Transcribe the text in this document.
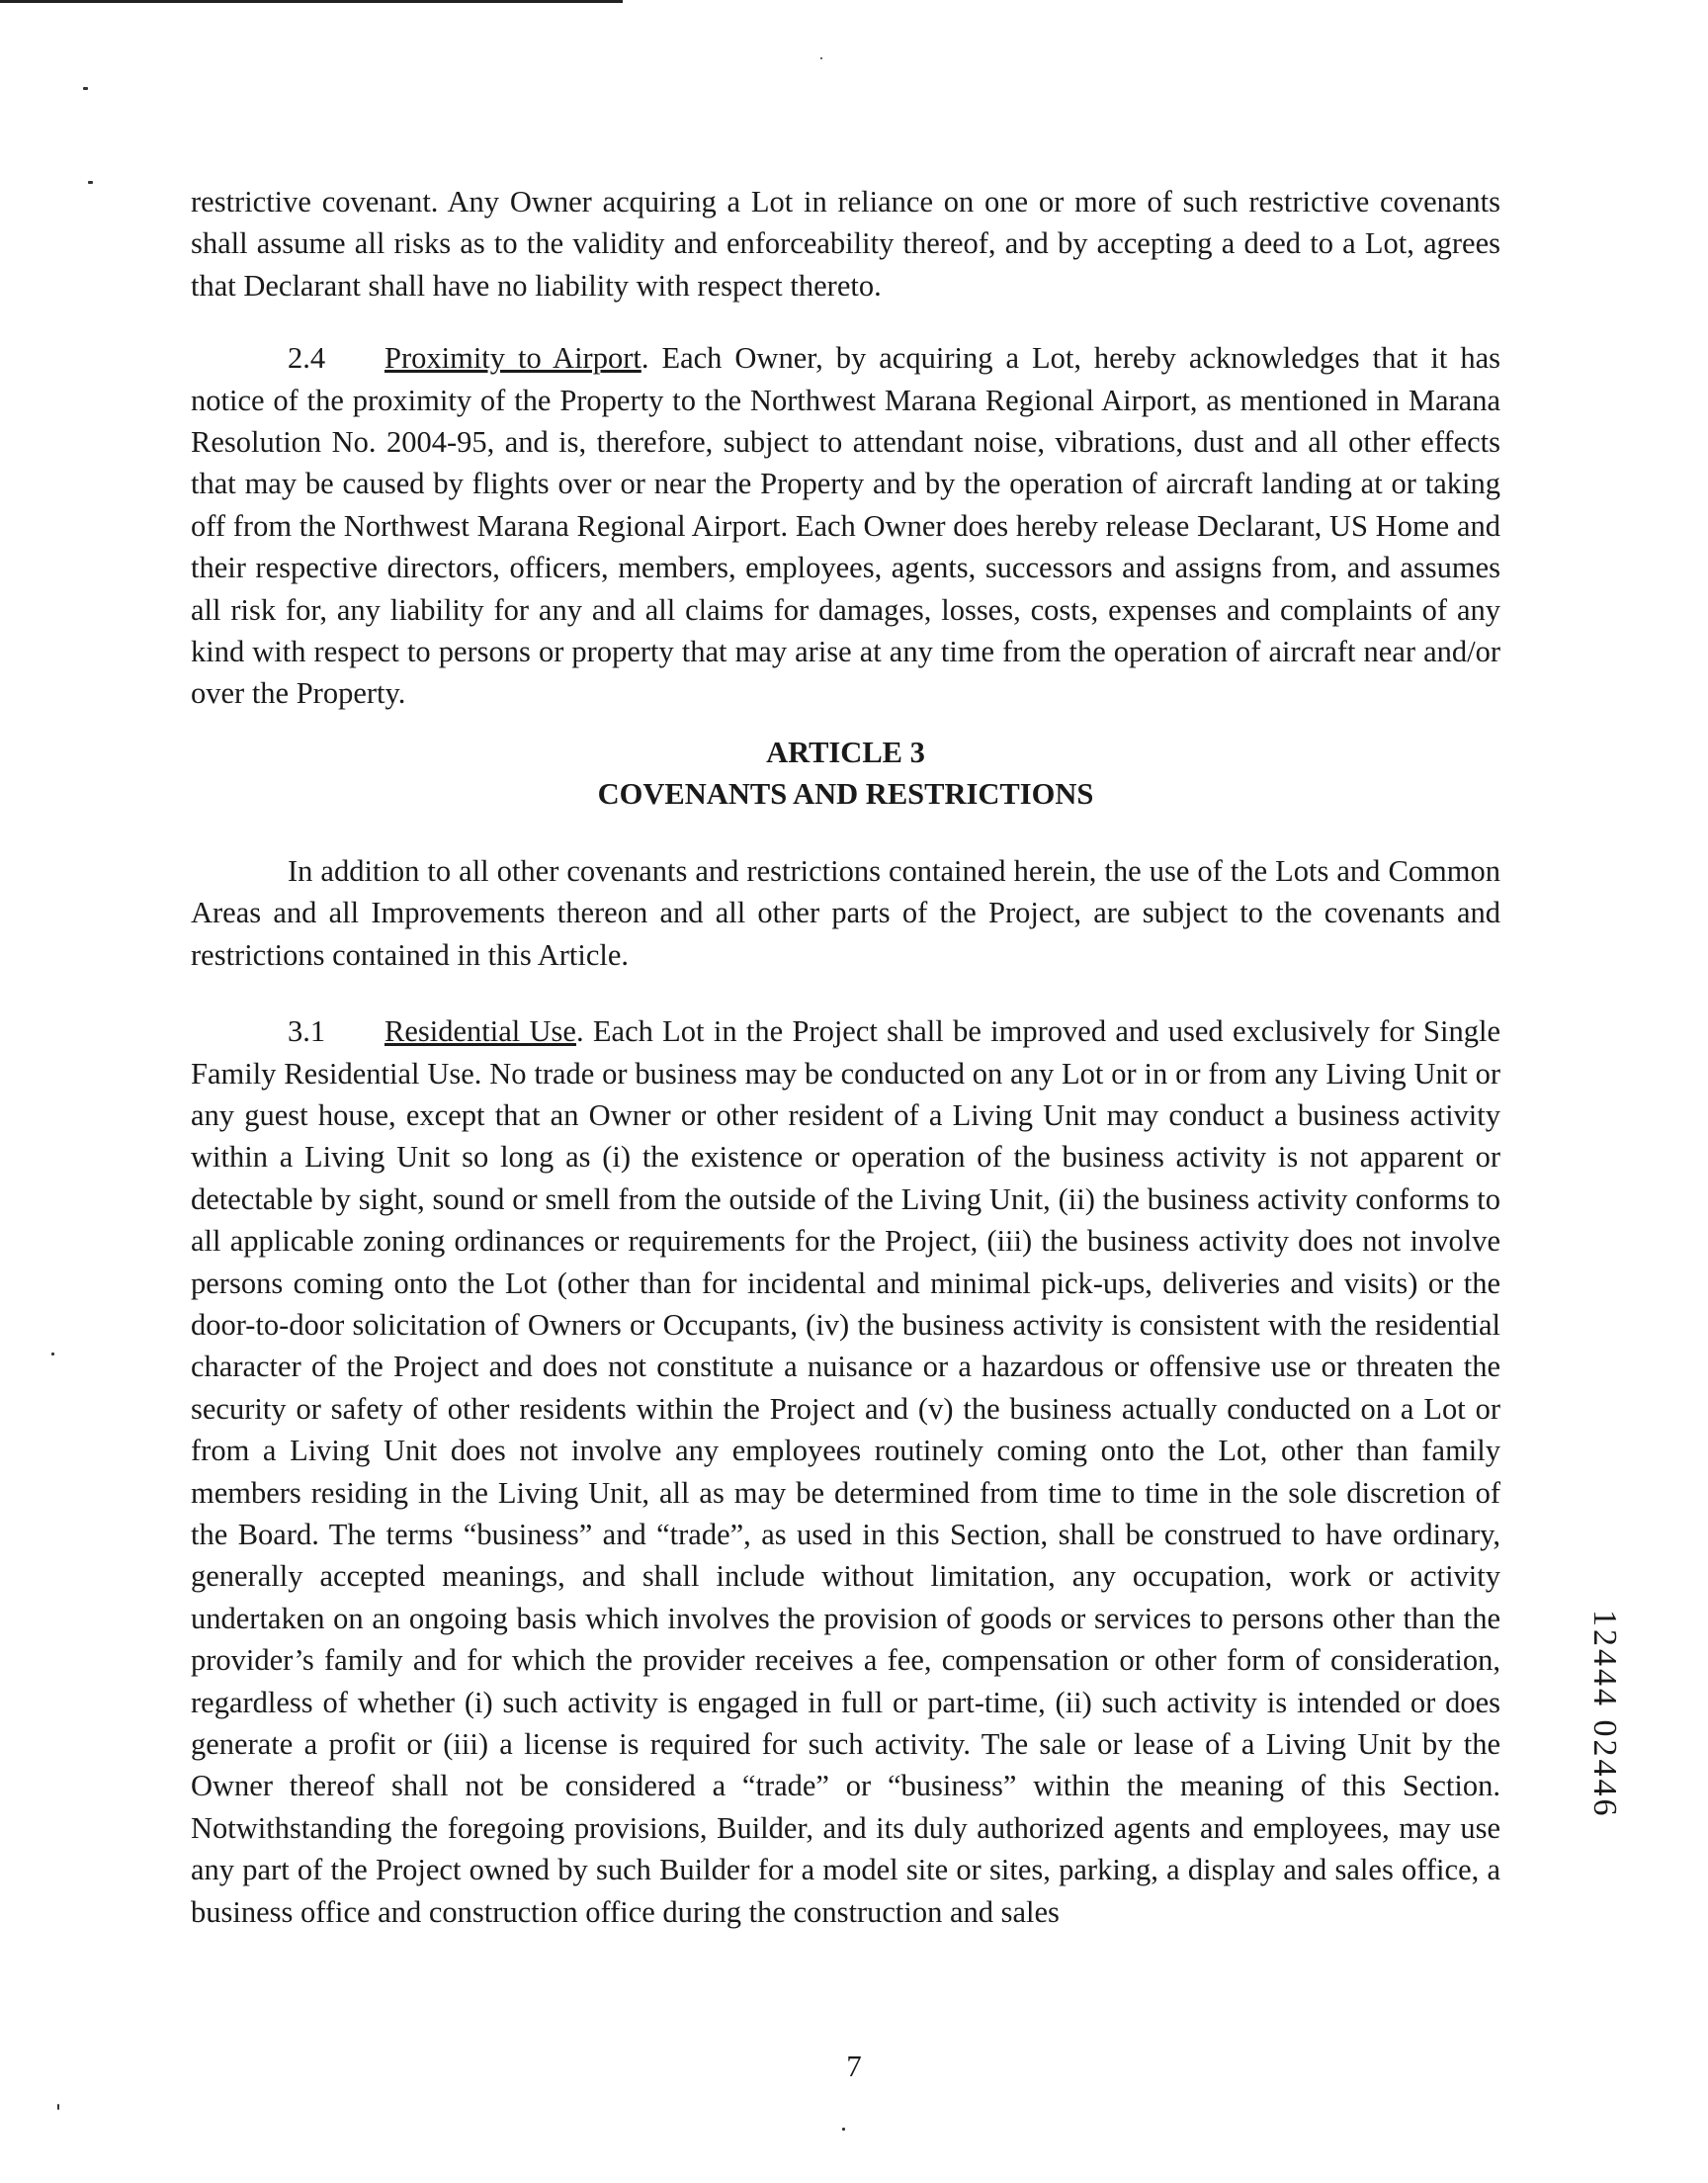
restrictive covenant. Any Owner acquiring a Lot in reliance on one or more of such restrictive covenants shall assume all risks as to the validity and enforceability thereof, and by accepting a deed to a Lot, agrees that Declarant shall have no liability with respect thereto.

2.4 Proximity to Airport. Each Owner, by acquiring a Lot, hereby acknowledges that it has notice of the proximity of the Property to the Northwest Marana Regional Airport, as mentioned in Marana Resolution No. 2004-95, and is, therefore, subject to attendant noise, vibrations, dust and all other effects that may be caused by flights over or near the Property and by the operation of aircraft landing at or taking off from the Northwest Marana Regional Airport. Each Owner does hereby release Declarant, US Home and their respective directors, officers, members, employees, agents, successors and assigns from, and assumes all risk for, any liability for any and all claims for damages, losses, costs, expenses and complaints of any kind with respect to persons or property that may arise at any time from the operation of aircraft near and/or over the Property.

ARTICLE 3
COVENANTS AND RESTRICTIONS

In addition to all other covenants and restrictions contained herein, the use of the Lots and Common Areas and all Improvements thereon and all other parts of the Project, are subject to the covenants and restrictions contained in this Article.

3.1 Residential Use. Each Lot in the Project shall be improved and used exclusively for Single Family Residential Use. No trade or business may be conducted on any Lot or in or from any Living Unit or any guest house, except that an Owner or other resident of a Living Unit may conduct a business activity within a Living Unit so long as (i) the existence or operation of the business activity is not apparent or detectable by sight, sound or smell from the outside of the Living Unit, (ii) the business activity conforms to all applicable zoning ordinances or requirements for the Project, (iii) the business activity does not involve persons coming onto the Lot (other than for incidental and minimal pick-ups, deliveries and visits) or the door-to-door solicitation of Owners or Occupants, (iv) the business activity is consistent with the residential character of the Project and does not constitute a nuisance or a hazardous or offensive use or threaten the security or safety of other residents within the Project and (v) the business actually conducted on a Lot or from a Living Unit does not involve any employees routinely coming onto the Lot, other than family members residing in the Living Unit, all as may be determined from time to time in the sole discretion of the Board. The terms “business” and “trade”, as used in this Section, shall be construed to have ordinary, generally accepted meanings, and shall include without limitation, any occupation, work or activity undertaken on an ongoing basis which involves the provision of goods or services to persons other than the provider’s family and for which the provider receives a fee, compensation or other form of consideration, regardless of whether (i) such activity is engaged in full or part-time, (ii) such activity is intended or does generate a profit or (iii) a license is required for such activity. The sale or lease of a Living Unit by the Owner thereof shall not be considered a “trade” or “business” within the meaning of this Section. Notwithstanding the foregoing provisions, Builder, and its duly authorized agents and employees, may use any part of the Project owned by such Builder for a model site or sites, parking, a display and sales office, a business office and construction office during the construction and sales

7
12444 02446
